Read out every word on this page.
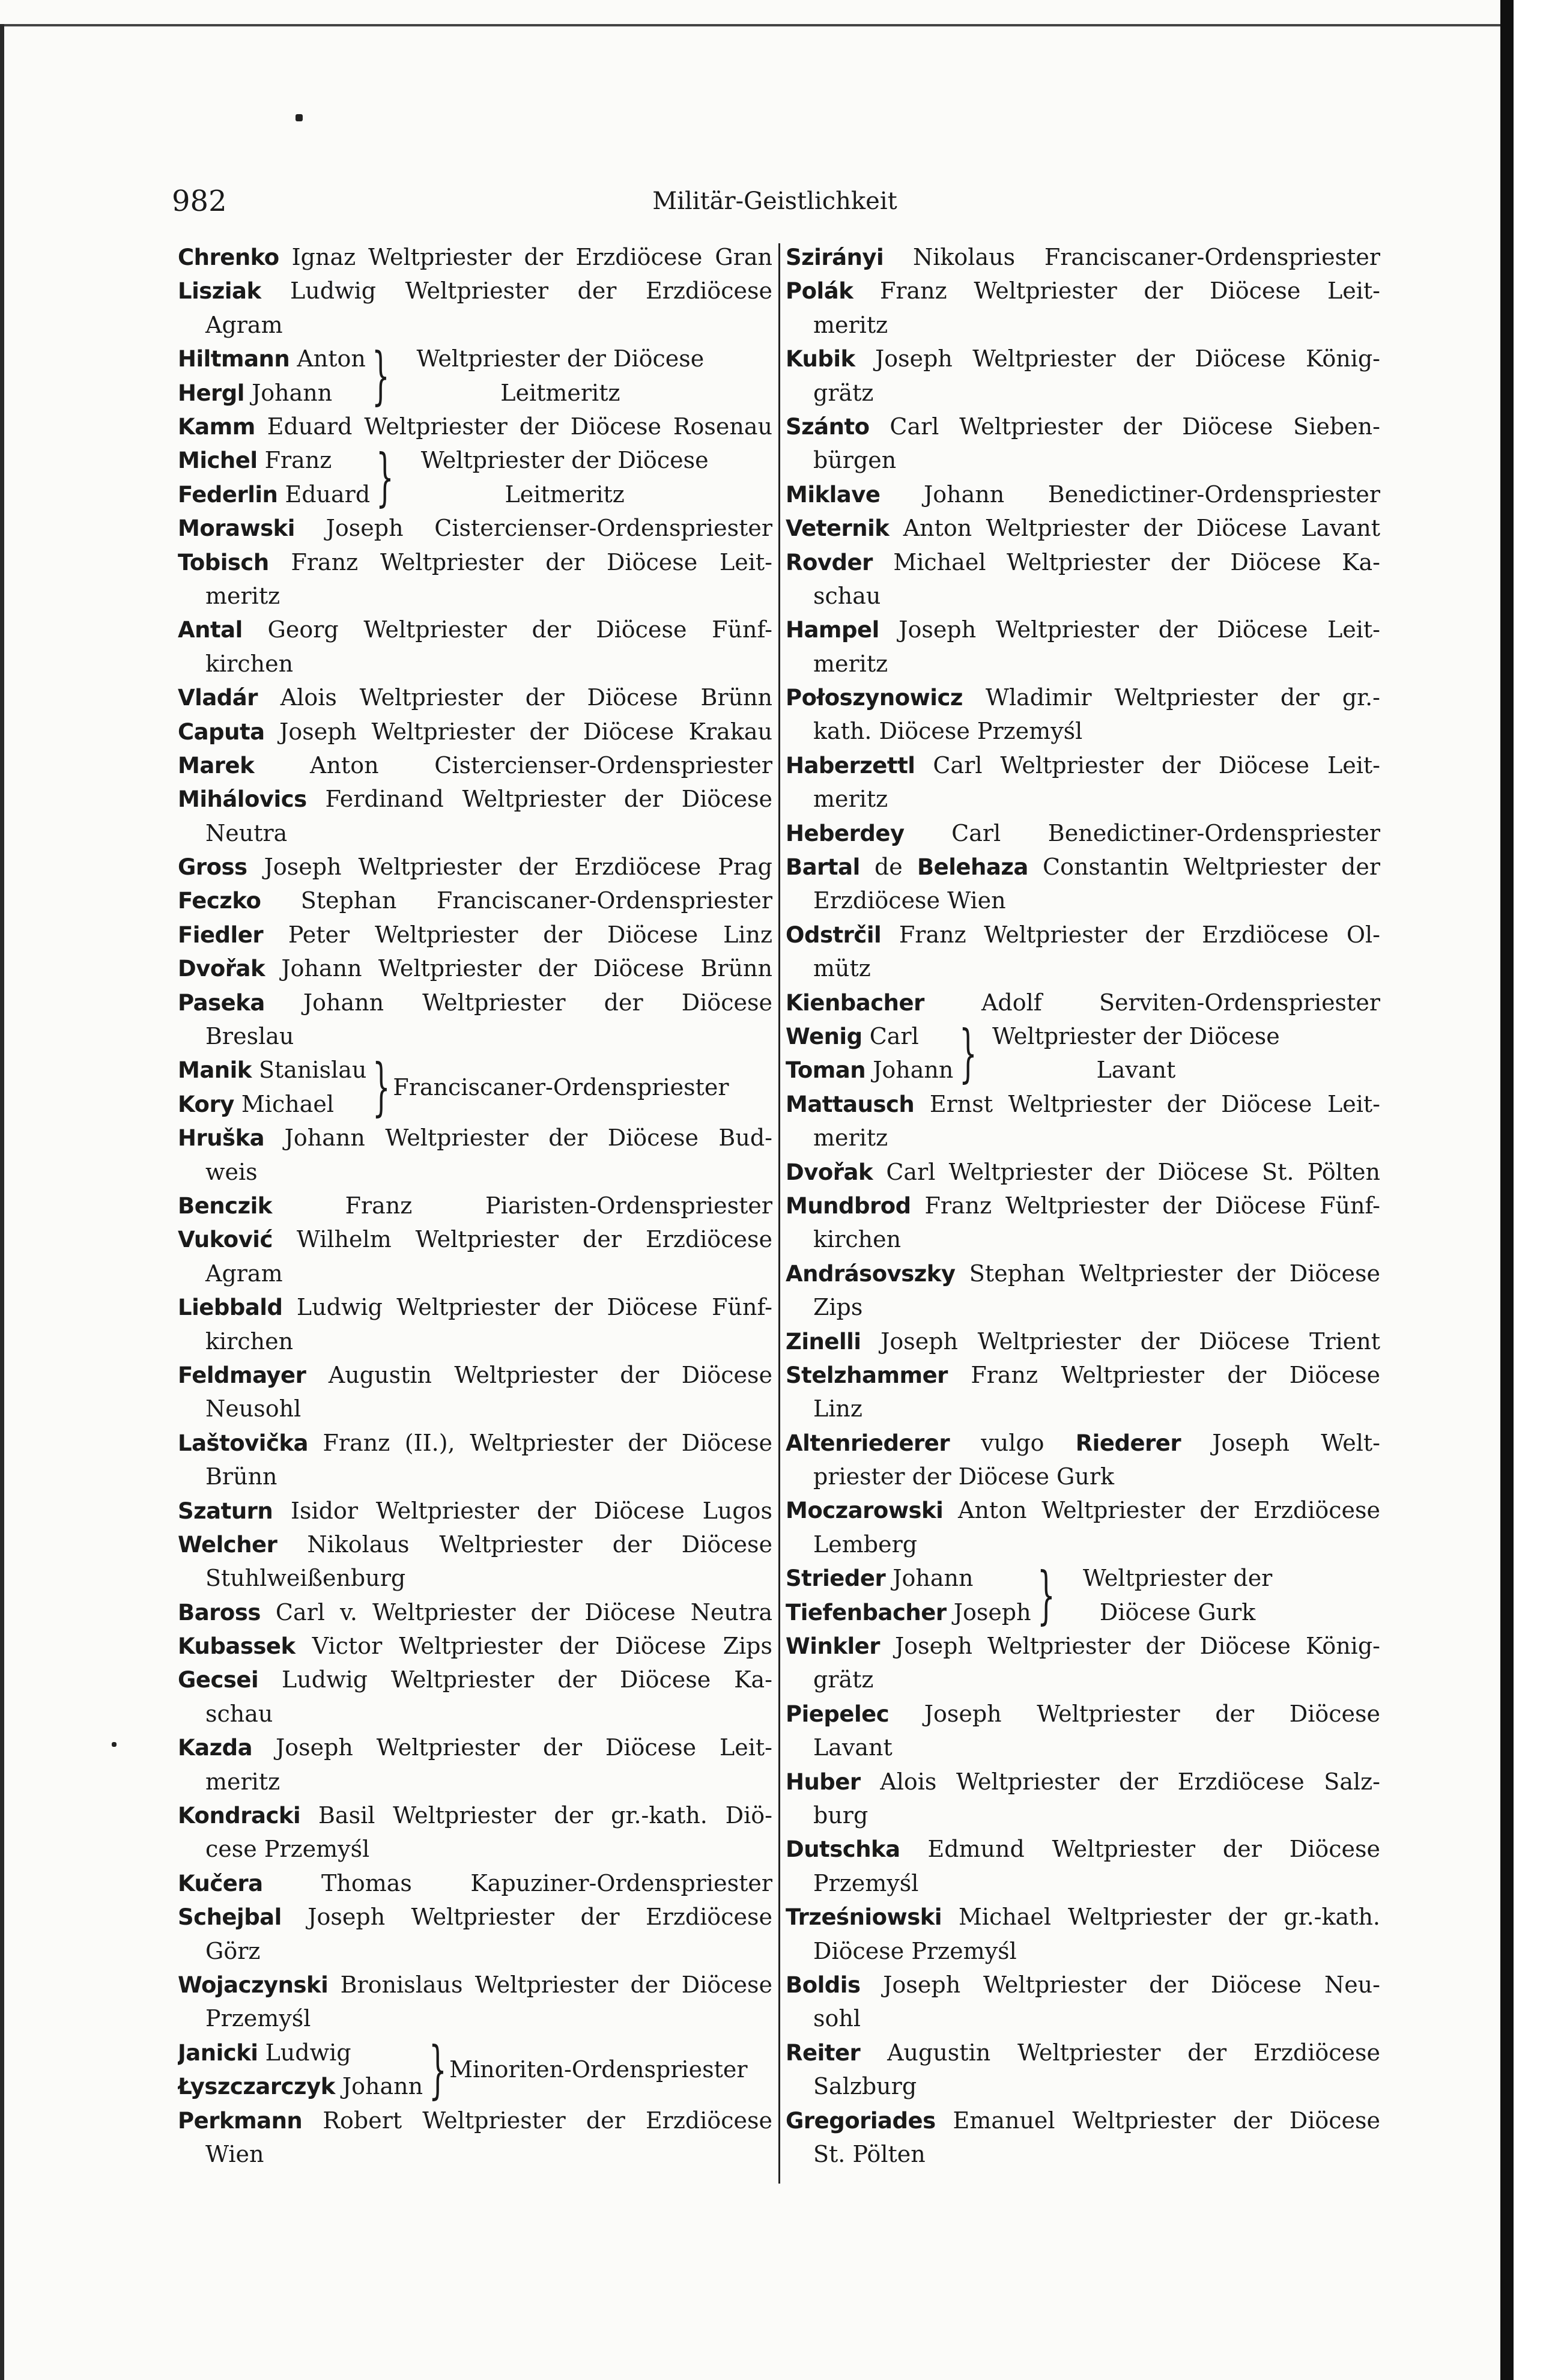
982	Militär-Geistlichkeit
Chrenko Ignaz Weltpriester der Erzdiöcese Gran
Lisziak Ludwig Weltpriester der Erzdiöcese
Agram
Hiltmann Anton
Hergl Johann }	Weltpriester der Diöcese
Leitmeritz
Kamm Eduard Weltpriester der Diöcese Rosenau
Michel Franz
Federlin Eduard }	Weltpriester der Diöcese
Leitmeritz
Morawski Joseph Cistercienser-Ordenspriester
Tobisch Franz Weltpriester der Diöcese Leit-
meritz
Antal Georg Weltpriester der Diöcese Fünf-
kirchen
Vladár Alois Weltpriester der Diöcese Brünn
Caputa Joseph Weltpriester der Diöcese Krakau
Marek Anton Cistercienser-Ordenspriester
Mihálovics Ferdinand Weltpriester der Diöcese
Neutra
Gross Joseph Weltpriester der Erzdiöcese Prag
Feczko Stephan Franciscaner-Ordenspriester
Fiedler Peter Weltpriester der Diöcese Linz
Dvořak Johann Weltpriester der Diöcese Brünn
Paseka Johann Weltpriester der Diöcese
Breslau
Manik Stanislau
Kory Michael } Franciscaner-Ordenspriester
Hruška Johann Weltpriester der Diöcese Bud-
weis
Benczik Franz Piaristen-Ordenspriester
Vuković Wilhelm Weltpriester der Erzdiöcese
Agram
Liebbald Ludwig Weltpriester der Diöcese Fünf-
kirchen
Feldmayer Augustin Weltpriester der Diöcese
Neusohl
Laštovička Franz (II.), Weltpriester der Diöcese
Brünn
Szaturn Isidor Weltpriester der Diöcese Lugos
Welcher Nikolaus Weltpriester der Diöcese
Stuhlweißenburg
Baross Carl v. Weltpriester der Diöcese Neutra
Kubassek Victor Weltpriester der Diöcese Zips
Gecsei Ludwig Weltpriester der Diöcese Ka-
schau
Kazda Joseph Weltpriester der Diöcese Leit-
meritz
Kondracki Basil Weltpriester der gr.-kath. Diö-
cese Przemyśl
Kučera Thomas Kapuziner-Ordenspriester
Schejbal Joseph Weltpriester der Erzdiöcese
Görz
Wojaczynski Bronislaus Weltpriester der Diöcese
Przemyśl
Janicki Ludwig
Łyszczarczyk Johann } Minoriten-Ordenspriester
Perkmann Robert Weltpriester der Erzdiöcese
Wien
Szirányi Nikolaus Franciscaner-Ordenspriester
Polák Franz Weltpriester der Diöcese Leit-
meritz
Kubik Joseph Weltpriester der Diöcese König-
grätz
Szánto Carl Weltpriester der Diöcese Sieben-
bürgen
Miklave Johann Benedictiner-Ordenspriester
Veternik Anton Weltpriester der Diöcese Lavant
Rovder Michael Weltpriester der Diöcese Ka-
schau
Hampel Joseph Weltpriester der Diöcese Leit-
meritz
Połoszynowicz Wladimir Weltpriester der gr.-
kath. Diöcese Przemyśl
Haberzettl Carl Weltpriester der Diöcese Leit-
meritz
Heberdey Carl Benedictiner-Ordenspriester
Bartal de Belehaza Constantin Weltpriester der
Erzdiöcese Wien
Odstrčil Franz Weltpriester der Erzdiöcese Ol-
mütz
Kienbacher Adolf Serviten-Ordenspriester
Wenig Carl
Toman Johann } Weltpriester der Diöcese
Lavant
Mattausch Ernst Weltpriester der Diöcese Leit-
meritz
Dvořak Carl Weltpriester der Diöcese St. Pölten
Mundbrod Franz Weltpriester der Diöcese Fünf-
kirchen
Andrásovszky Stephan Weltpriester der Diöcese
Zips
Zinelli Joseph Weltpriester der Diöcese Trient
Stelzhammer Franz Weltpriester der Diöcese
Linz
Altenriederer vulgo Riederer Joseph Welt-
priester der Diöcese Gurk
Moczarowski Anton Weltpriester der Erzdiöcese
Lemberg
Strieder Johann
Tiefenbacher Joseph }	Weltpriester der
Diöcese Gurk
Winkler Joseph Weltpriester der Diöcese König-
grätz
Piepelec Joseph Weltpriester der Diöcese
Lavant
Huber Alois Weltpriester der Erzdiöcese Salz-
burg
Dutschka Edmund Weltpriester der Diöcese
Przemyśl
Trześniowski Michael Weltpriester der gr.-kath.
Diöcese Przemyśl
Boldis Joseph Weltpriester der Diöcese Neu-
sohl
Reiter Augustin Weltpriester der Erzdiöcese
Salzburg
Gregoriades Emanuel Weltpriester der Diöcese
St. Pölten
